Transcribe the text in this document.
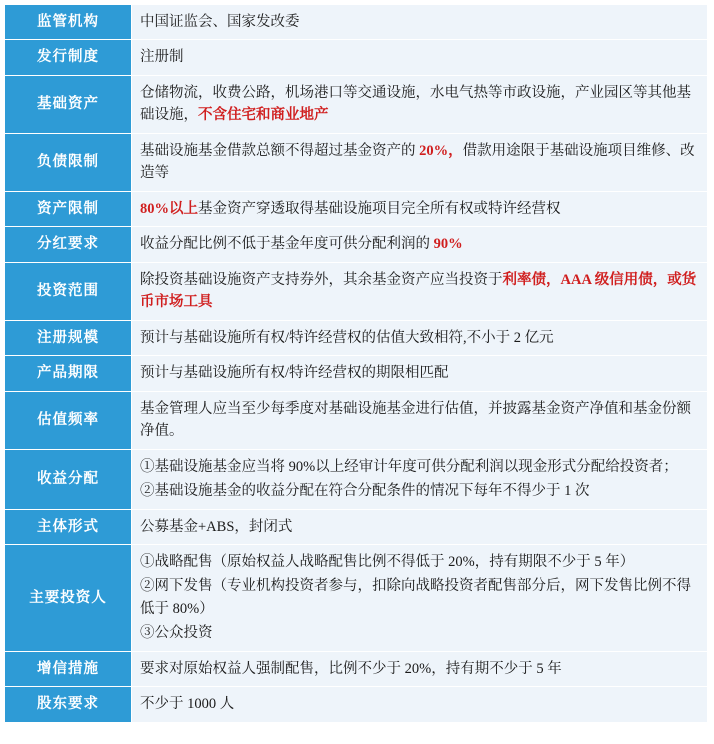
监管机构	中国证监会、国家发改委
发行制度	注册制
基础资产	仓储物流，收费公路，机场港口等交通设施，水电气热等市政设施，产业园区等其他基础设施，不含住宅和商业地产
负债限制	基础设施基金借款总额不得超过基金资产的 20%，借款用途限于基础设施项目维修、改造等
资产限制	80%以上基金资产穿透取得基础设施项目完全所有权或特许经营权
分红要求	收益分配比例不低于基金年度可供分配利润的 90%
投资范围	除投资基础设施资产支持券外，其余基金资产应当投资于利率债，AAA 级信用债，或货币市场工具
注册规模	预计与基础设施所有权/特许经营权的估值大致相符,不小于 2 亿元
产品期限	预计与基础设施所有权/特许经营权的期限相匹配
估值频率	基金管理人应当至少每季度对基础设施基金进行估值，并披露基金资产净值和基金份额净值。
收益分配	①基础设施基金应当将 90%以上经审计年度可供分配利润以现金形式分配给投资者；
②基础设施基金的收益分配在符合分配条件的情况下每年不得少于 1 次

主体形式	公募基金+ABS，封闭式
主要投资人	①战略配售（原始权益人战略配售比例不得低于 20%，持有期限不少于 5 年）
②网下发售（专业机构投资者参与，扣除向战略投资者配售部分后，网下发售比例不得低于 80%）
③公众投资

增信措施	要求对原始权益人强制配售，比例不少于 20%，持有期不少于 5 年
股东要求	不少于 1000 人
